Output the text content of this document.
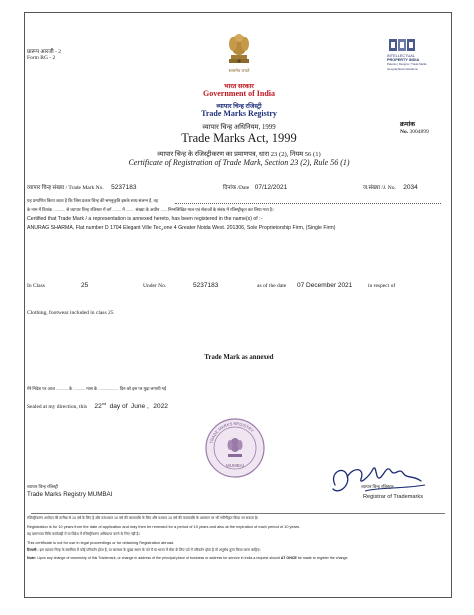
प्रारूप आरजी - 2
Form RG - 2
सत्यमेव जयते
INTELLECTUAL
PROPERTY INDIA
Patents | Designs | Trade Marks
Geographical Indications
भारत सरकार
Government of India
व्यापार चिन्ह रजिस्ट्री
Trade Marks Registry
व्यापार चिन्ह अधिनियम, 1999
Trade Marks Act, 1999
व्यापार चिन्ह के रजिस्ट्रीकरण का प्रमाणपत्र, धारा 23 (2), नियम 56 (1)
Certificate of Registration of Trade Mark, Section 23 (2), Rule 56 (1)
क्रमांक
No. 3004899
व्यापार चिन्ह संख्या / Trade Mark No. 5237183	दिनांक /Date 07/12/2021	ज.संख्या /J. No. 2034
यह प्रमाणित किया जाता है कि जिस प्रकार चिन्ह की समनुकृति इसके साथ संलग्न है, वह
के नाम में दिनांक ........... से व्यापार चिन्ह रजिस्टर में वर्ग ........ में ........ संख्या के अधीन ...... निम्नलिखित माल एवं सेवाओं के संबंध में रजिस्ट्रीकृत कर लिया गया है।
Certified that Trade Mark / a representation is annexed hereto, has been registered in the name(s) of :-
ANURAG SHARMA, Flat number D 1704 Elegant Ville Tecزone 4 Greater Noida West. 201306, Sole Proprietorship Firm, (Single Firm)
In Class	25	Under No.	5237183	as of the date 07 December 2021	in respect of
Clothing, footwear included in class 25
Trade Mark as annexed
मेरे निदेश पर आज ........... के ........... मास के ................... दिन को इस पर मुद्रा लगायी गई
Sealed at my direction, this 22nd day of June , 2022
TRADE MARKS REGISTRY
MUMBAI
व्यापार चिन्ह रजिस्ट्री
Trade Marks Registry MUMBAI
व्यापार चिन्ह रजिस्ट्रार
Registrar of Trademarks
रजिस्ट्रीकरण आवेदन की तारीख से 10 वर्ष के लिए है और तत्पश्चात 10 वर्ष की कालावधि के लिए और पश्चात 10 वर्ष की कालावधि के अवसान पर भी नवीनीकृत किया जा सकता है।
Registration is for 10 years from the date of application and may then be renewed for a period of 10 years and also at the expiration of each period of 10 years.
यह प्रमाणपत्र विधि कार्यवाही में या विदेश में रजिस्ट्रीकरण अभिप्राप्त करने के लिए नहीं है।
This certificate is not for use in legal proceedings or for obtaining Registration abroad.
टिप्पणी : इस व्यापार चिन्ह के स्वामित्व में कोई परिवर्तन होता है, या कारबार के मुख्य स्थान के पते में या भारत में सेवा के लिए पते में परिवर्तन होता है तो अनुरोध तुरंत किया जाना चाहिए।
Note: Upon any change of ownership of this Trademark, or change in address of the principal place of business or address for service in India a request should AT ONCE be made to register the change.
